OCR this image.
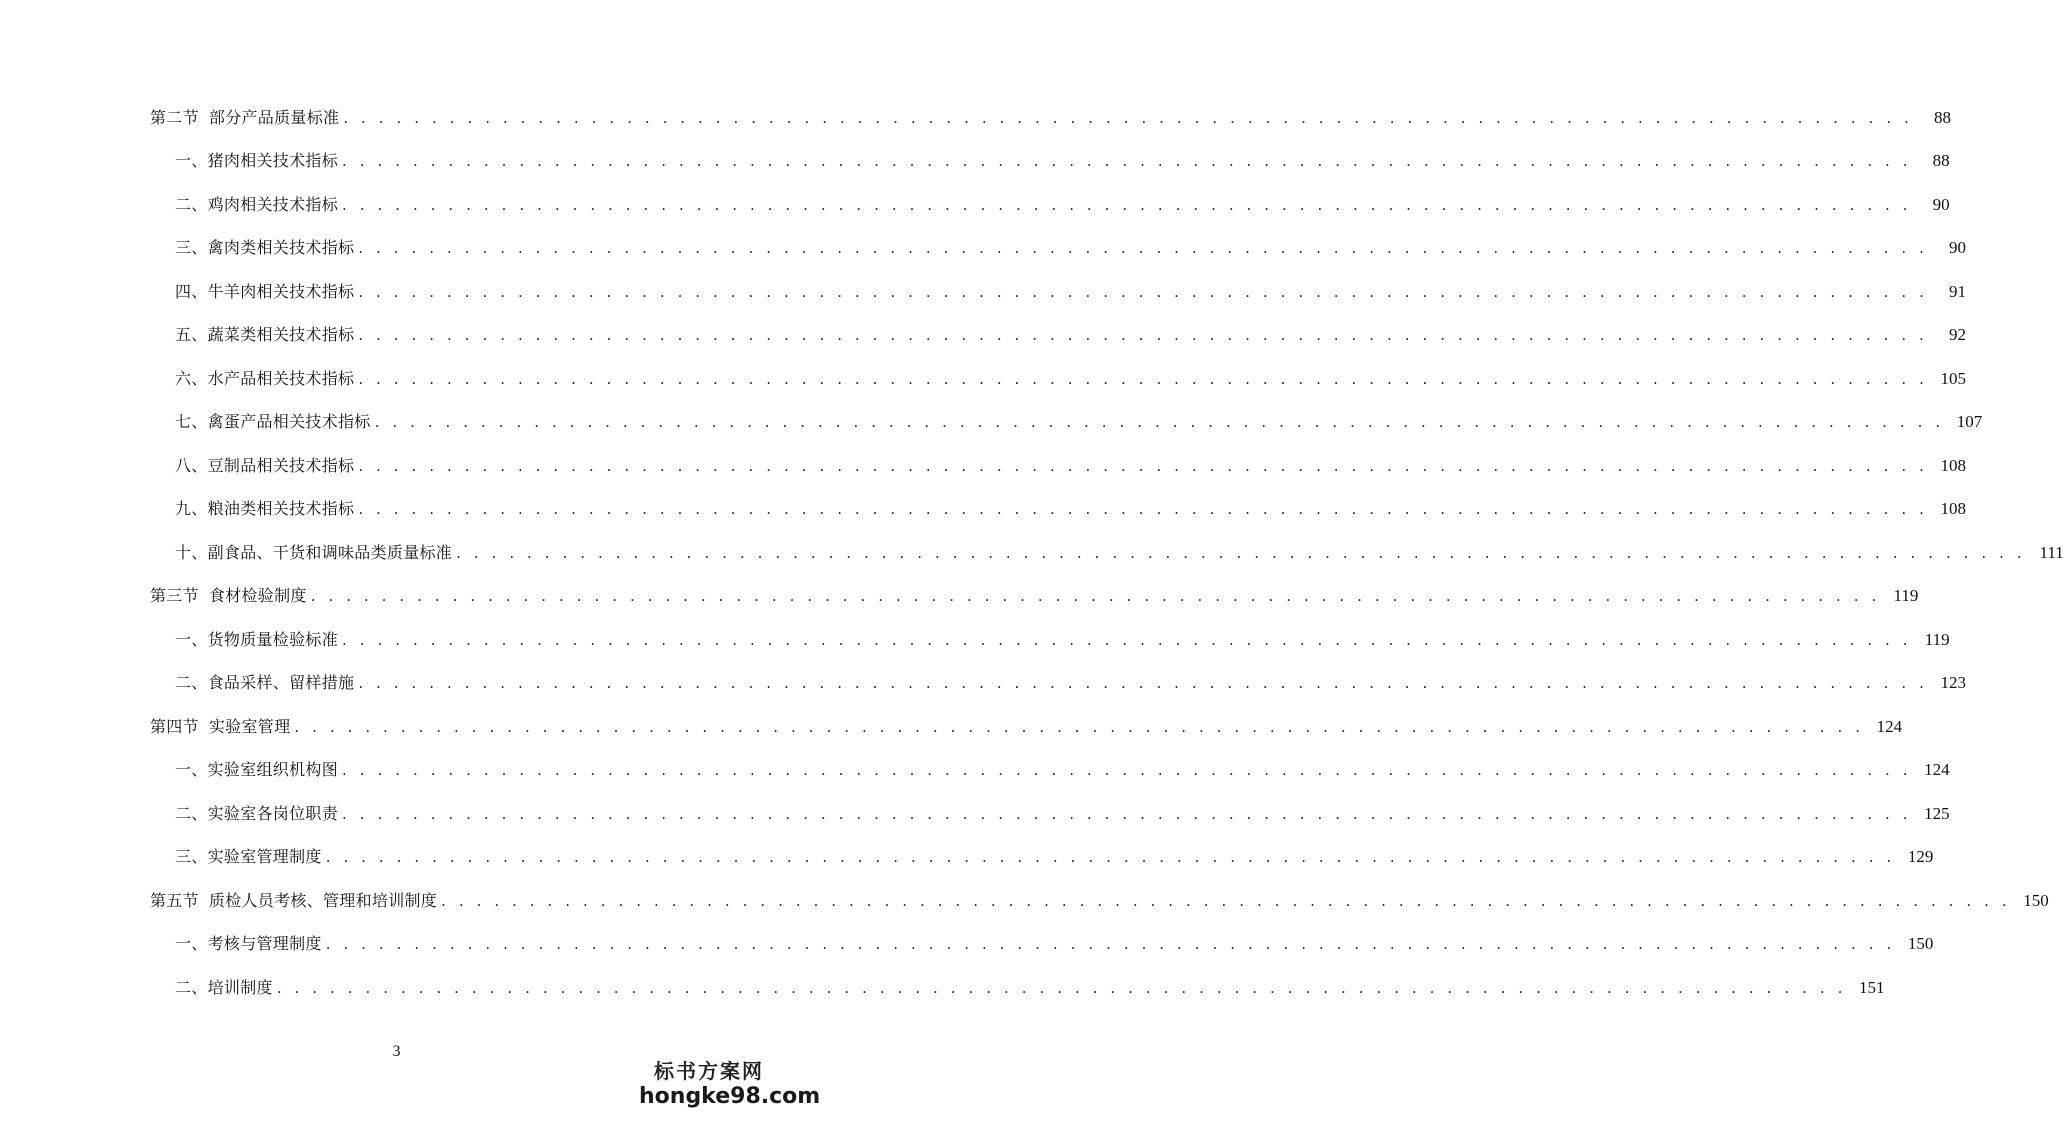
第二节 部分产品质量标准 . . .	88
一、猪肉相关技术指标 . . .	88
二、鸡肉相关技术指标 . . .	90
三、禽肉类相关技术指标 . . .	90
四、牛羊肉相关技术指标 . . .	91
五、蔬菜类相关技术指标 . . .	92
六、水产品相关技术指标 . . .	105
七、禽蛋产品相关技术指标 . . .	107
八、豆制品相关技术指标 . . .	108
九、粮油类相关技术指标 . . .	108
十、副食品、干货和调味品类质量标准 . . .	111
第三节 食材检验制度 . . .	119
一、货物质量检验标准 . . .	119
二、食品采样、留样措施 . . .	123
第四节 实验室管理 . . .	124
一、实验室组织机构图 . . .	124
二、实验室各岗位职责 . . .	125
三、实验室管理制度 . . .	129
第五节 质检人员考核、管理和培训制度 . . .	150
一、考核与管理制度 . . .	150
二、培训制度 . . .	151
3
标书方案网
hongke98.com
